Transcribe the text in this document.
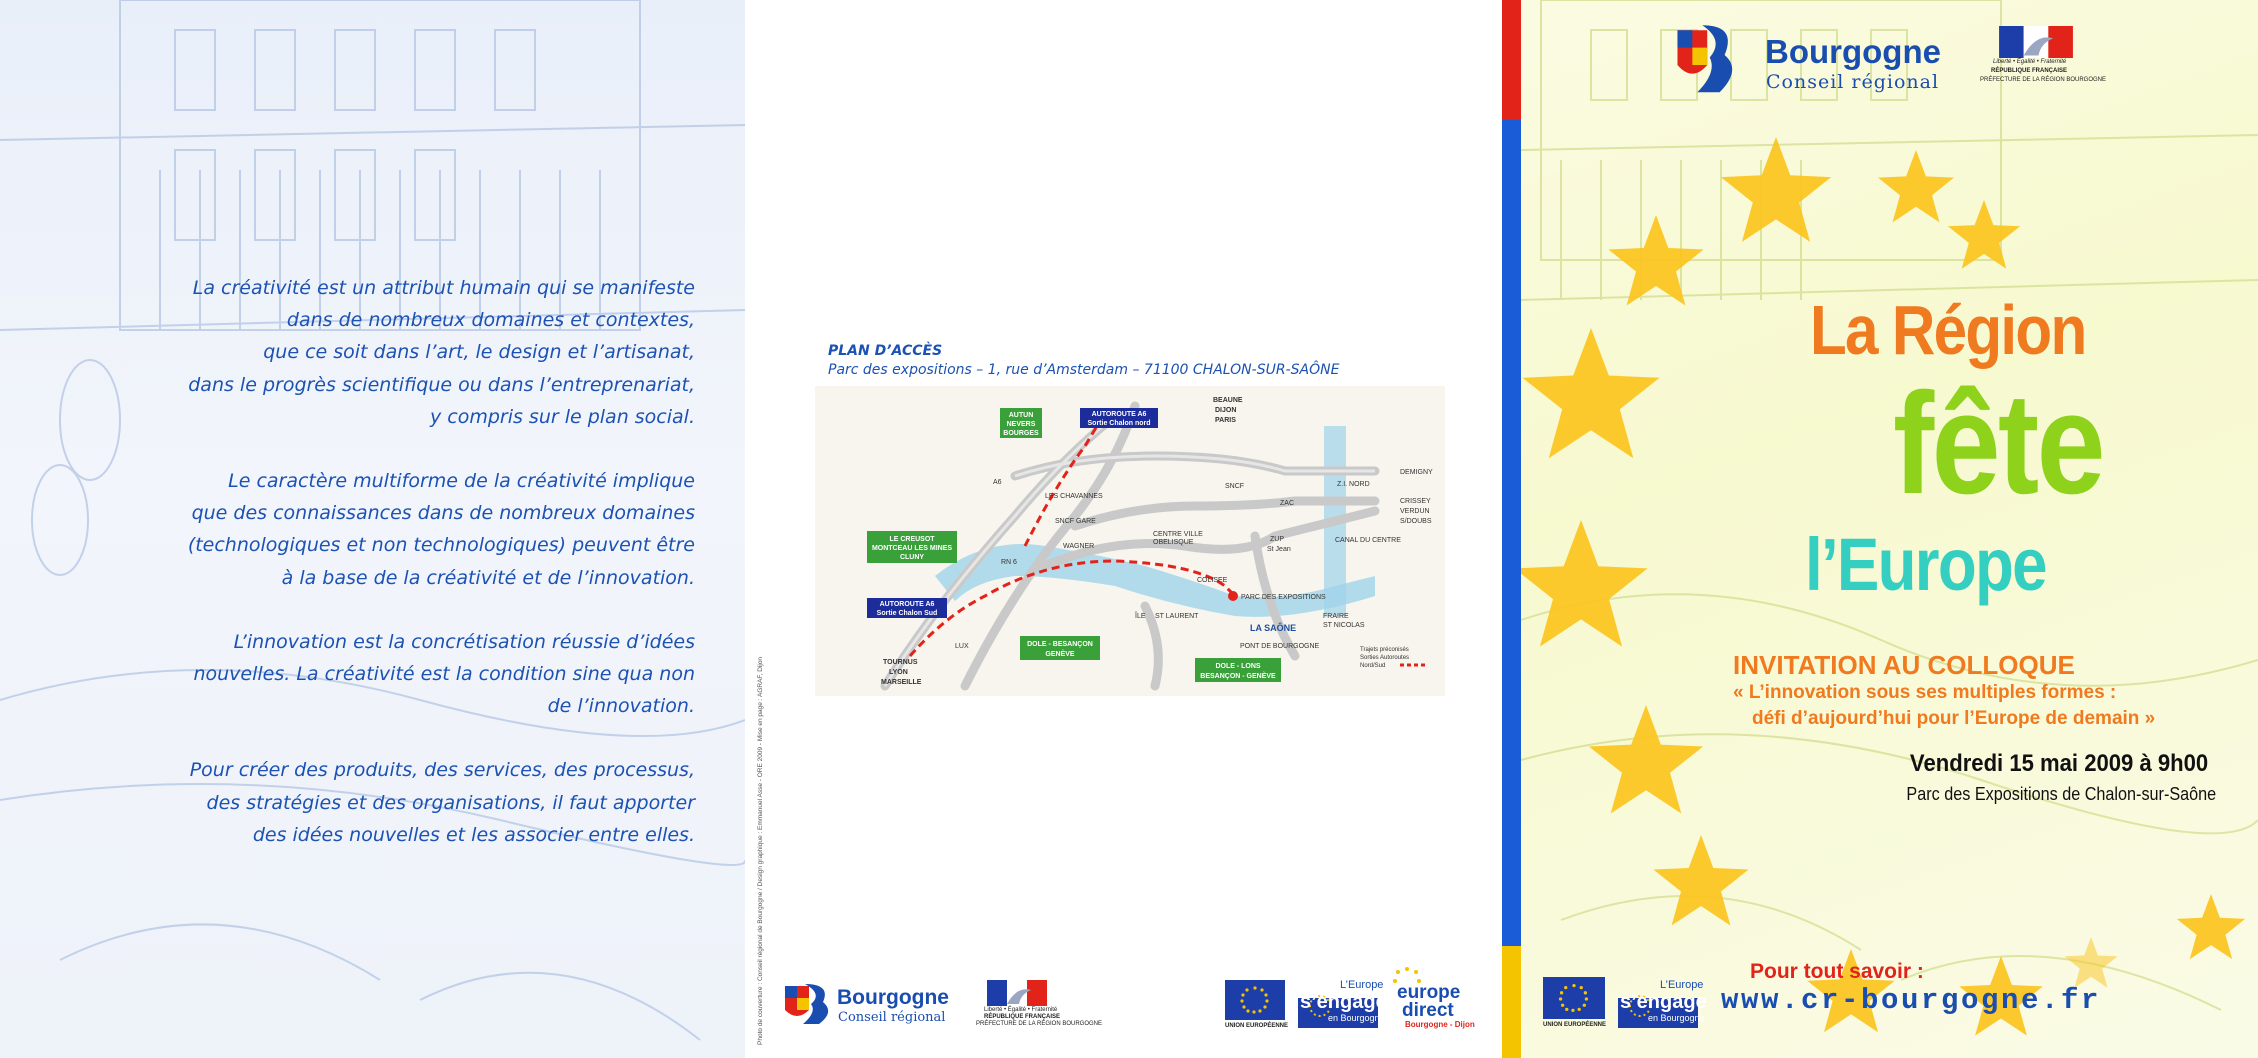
La créativité est un attribut humain qui se manifeste
dans de nombreux domaines et contextes,
que ce soit dans l’art, le design et l’artisanat,
dans le progrès scientifique ou dans l’entreprenariat,
y compris sur le plan social.

Le caractère multiforme de la créativité implique
que des connaissances dans de nombreux domaines
(technologiques et non technologiques) peuvent être
à la base de la créativité et de l’innovation.

L’innovation est la concrétisation réussie d’idées
nouvelles. La créativité est la condition sine qua non
de l’innovation.

Pour créer des produits, des services, des processus,
des stratégies et des organisations, il faut apporter
des idées nouvelles et les associer entre elles.	Photo de couverture : Conseil régional de Bourgogne / Design graphique : Emmanuel Asse - ORE 2009 - Mise en page : AGRAF, Dijon
PLAN D’ACCÈS
Parc des expositions – 1, rue d’Amsterdam – 71100 CHALON-SUR-SAÔNE
AUTUN
NEVERS
BOURGES
AUTOROUTE A6
Sortie Chalon nord
LE CREUSOT
MONTCEAU LES MINES
CLUNY
AUTOROUTE A6
Sortie Chalon Sud
DOLE - BESANÇON
GENÈVE
DOLE - LONS
BESANÇON - GENÈVE
BEAUNE
DIJON
PARIS
A6
SNCF	Z.I. NORD
DEMIGNY
LES CHAVANNES
ZAC	CRISSEY
VERDUN
S/DOUBS
RN 6
SNCF GARE
CENTRE VILLE
OBELISQUE	ZUP
St Jean
CANAL DU CENTRE
WAGNER
COLISEE
PARC DES EXPOSITIONS
ÎLE ST LAURENT
LA SAÔNE
FRAIRE
ST NICOLAS
TOURNUS
LYON
MARSEILLE
LUX	PONT DE BOURGOGNE	Trajets préconisés
Sorties Autoroutes
Nord/Sud
Bourgogne
Conseil régional	Liberté • Égalité • Fraternité
RÉPUBLIQUE FRANÇAISE
PRÉFECTURE DE LA RÉGION BOURGOGNE	UNION EUROPÉENNE
L’Europe
s’engage
en Bourgogne
europe
direct
Bourgogne - Dijon
Bourgogne
Conseil régional
Liberté • Égalité • Fraternité
RÉPUBLIQUE FRANÇAISE
PRÉFECTURE DE LA RÉGION BOURGOGNE
La Région
fête
l’Europe
INVITATION AU COLLOQUE
« L’innovation sous ses multiples formes :
défi d’aujourd’hui pour l’Europe de demain »
Vendredi 15 mai 2009 à 9h00
Parc des Expositions de Chalon-sur-Saône
UNION EUROPÉENNE
L’Europe
s’engage
en Bourgogne
Pour tout savoir :
www.cr-bourgogne.fr
